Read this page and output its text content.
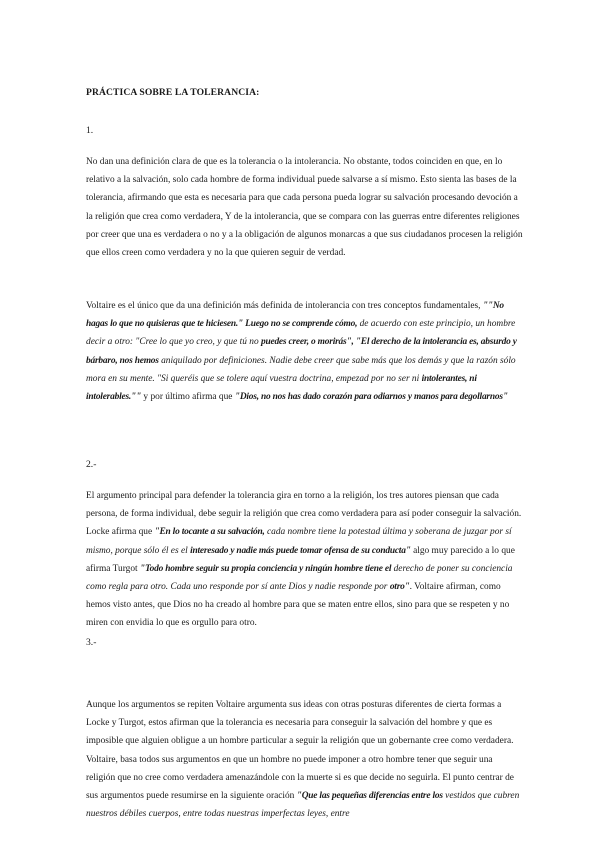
PRÁCTICA SOBRE LA TOLERANCIA:
1.

No dan una definición clara de que es la tolerancia o la intolerancia. No obstante, todos coinciden en que, en lo relativo a la salvación, solo cada hombre de forma individual puede salvarse a sí mismo. Esto sienta las bases de la tolerancia, afirmando que esta es necesaria para que cada persona pueda lograr su salvación procesando devoción a la religión que crea como verdadera, Y de la intolerancia, que se compara con las guerras entre diferentes religiones por creer que una es verdadera o no y a la obligación de algunos monarcas a que sus ciudadanos procesen la religión que ellos creen como verdadera y no la que quieren seguir de verdad.

Voltaire es el único que da una definición más definida de intolerancia con tres conceptos fundamentales, ""No hagas lo que no quisieras que te hiciesen." Luego no se comprende cómo, de acuerdo con este principio, un hombre decir a otro: "Cree lo que yo creo, y que tú no puedes creer, o morirás", "El derecho de la intolerancia es, absurdo y bárbaro, nos hemos aniquilado por definiciones. Nadie debe creer que sabe más que los demás y que la razón sólo mora en su mente. "Si queréis que se tolere aquí vuestra doctrina, empezad por no ser ni intolerantes, ni intolerables."" y por último afirma que "Dios, no nos has dado corazón para odiarnos y manos para degollarnos"

2.-

El argumento principal para defender la tolerancia gira en torno a la religión, los tres autores piensan que cada persona, de forma individual, debe seguir la religión que crea como verdadera para así poder conseguir la salvación. Locke afirma que "En lo tocante a su salvación, cada nombre tiene la potestad última y soberana de juzgar por sí mismo, porque sólo él es el interesado y nadie más puede tomar ofensa de su conducta" algo muy parecido a lo que afirma Turgot "Todo hombre seguir su propia conciencia y ningún hombre tiene el derecho de poner su conciencia como regla para otro. Cada uno responde por sí ante Dios y nadie responde por otro". Voltaire afirman, como hemos visto antes, que Dios no ha creado al hombre para que se maten entre ellos, sino para que se respeten y no miren con envidia lo que es orgullo para otro.

3.-

Aunque los argumentos se repiten Voltaire argumenta sus ideas con otras posturas diferentes de cierta formas a Locke y Turgot, estos afirman que la tolerancia es necesaria para conseguir la salvación del hombre y que es imposible que alguien obligue a un hombre particular a seguir la religión que un gobernante cree como verdadera. Voltaire, basa todos sus argumentos en que un hombre no puede imponer a otro hombre tener que seguir una religión que no cree como verdadera amenazándole con la muerte si es que decide no seguirla. El punto centrar de sus argumentos puede resumirse en la siguiente oración "Que las pequeñas diferencias entre los vestidos que cubren nuestros débiles cuerpos, entre todas nuestras imperfectas leyes, entre
